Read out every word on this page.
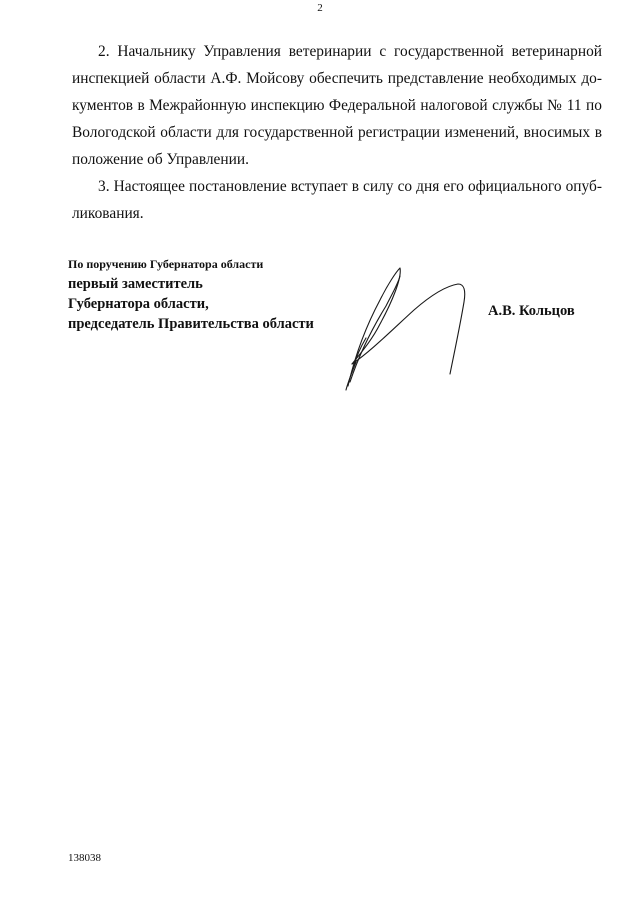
2
2. Начальнику Управления ветеринарии с государственной ветеринарной
инспекцией области А.Ф. Мойсову обеспечить представление необходимых до-
кументов в Межрайонную инспекцию Федеральной налоговой службы № 11 по
Вологодской области для государственной регистрации изменений, вносимых в
положение об Управлении.
3. Настоящее постановление вступает в силу со дня его официального опуб-
ликования.
По поручению Губернатора области
первый заместитель
Губернатора области,
председатель Правительства области
А.В. Кольцов
138038
